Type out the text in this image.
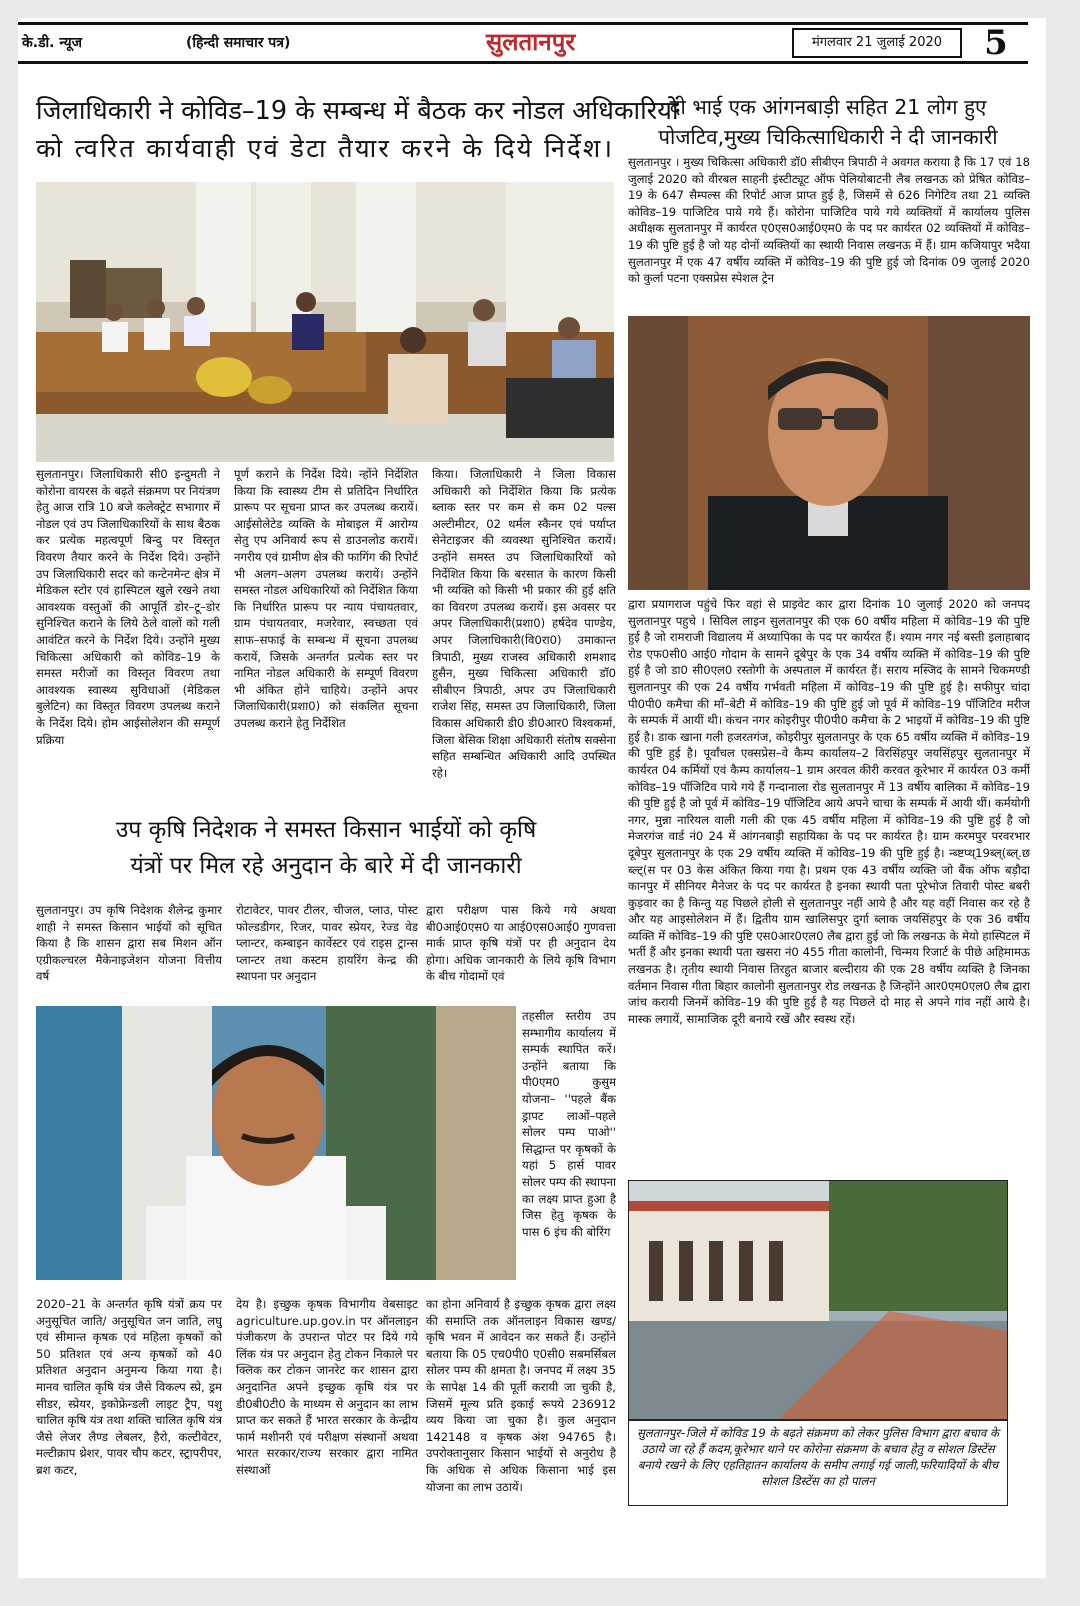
के.डी. न्यूज	(हिन्दी समाचार पत्र)	सुलतानपुर	मंगलवार 21 जुलाई 2020	5
जिलाधिकारी ने कोविड–19 के सम्बन्ध में बैठक कर नोडल अधिकारियों
को त्वरित कार्यवाही एवं डेटा तैयार करने के दिये निर्देश।
सुलतानपुर। जिलाधिकारी सी0 इन्दुमती ने कोरोना वायरस के बढ़ते संक्रमण पर नियंत्रण हेतु आज रात्रि 10 बजे कलेक्ट्रेट सभागार में नोडल एवं उप जिलाधिकारियों के साथ बैठक कर प्रत्येक महत्वपूर्ण बिन्दु पर विस्तृत विवरण तैयार करने के निर्देश दिये। उन्होंने उप जिलाधिकारी सदर को कन्टेनमेन्ट क्षेत्र में मेडिकल स्टोर एवं हास्पिटल खुले रखने तथा आवश्यक वस्तुओं की आपूर्ति डोर–टू–डोर सुनिश्चित कराने के लिये ठेले वालों को गली आवंटित करने के निर्देश दिये। उन्होंने मुख्य चिकित्सा अधिकारी को कोविड–19 के समस्त मरीजों का विस्तृत विवरण तथा आवश्यक स्वास्थ्य सुविधाओं (मेडिकल बुलेटिन) का विस्तृत विवरण उपलब्ध कराने के निर्देश दिये। होम आईसोलेशन की सम्पूर्ण प्रक्रिया
पूर्ण कराने के निर्देश दिये। न्होंने निर्देशित किया कि स्वास्थ्य टीम से प्रतिदिन निर्धारित प्रारूप पर सूचना प्राप्त कर उपलब्ध करायें। आईसोलेटेड व्यक्ति के मोबाइल में आरोग्य सेतु एप अनिवार्य रूप से डाउनलोड करायें। नगरीय एवं ग्रामीण क्षेत्र की फागिंग की रिपोर्ट भी अलग–अलग उपलब्ध करायें। उन्होंने समस्त नोडल अधिकारियों को निर्देशित किया कि निर्धारित प्रारूप पर न्याय पंचायतवार, ग्राम पंचायतवार, मजरेवार, स्वच्छता एवं साफ–सफाई के सम्बन्ध में सूचना उपलब्ध करायें, जिसके अन्तर्गत प्रत्येक स्तर पर नामित नोडल अधिकारी के सम्पूर्ण विवरण भी अंकित होने चाहिये। उन्होंने अपर जिलाधिकारी(प्रशा0) को संकलित सूचना उपलब्ध कराने हेतु निर्देशित
किया। जिलाधिकारी ने जिला विकास अधिकारी को निर्देशित किया कि प्रत्येक ब्लाक स्तर पर कम से कम 02 पल्स अल्टीमीटर, 02 थर्मल स्कैनर एवं पर्याप्त सेनेटाइजर की व्यवस्था सुनिश्चित करायें। उन्होंने समस्त उप जिलाधिकारियों को निर्देशित किया कि बरसात के कारण किसी भी व्यक्ति को किसी भी प्रकार की हुई क्षति का विवरण उपलब्ध करायें। इस अवसर पर अपर जिलाधिकारी(प्रशा0) हर्षदेव पाण्डेय, अपर जिलाधिकारी(वि0रा0) उमाकान्त त्रिपाठी, मुख्य राजस्व अधिकारी शमशाद हुसैन, मुख्य चिकित्सा अधिकारी डॉ0 सीबीएन त्रिपाठी, अपर उप जिलाधिकारी राजेश सिंह, समस्त उप जिलाधिकारी, जिला विकास अधिकारी डी0 डी0आर0 विश्वकर्मा, जिला बेसिक शिक्षा अधिकारी संतोष सक्सेना सहित सम्बन्धित अधिकारी आदि उपस्थित रहे।
दो भाई एक आंगनबाड़ी सहित 21 लोग हुए
पोजटिव,मुख्य चिकित्साधिकारी ने दी जानकारी
सुलतानपुर । मुख्य चिकित्सा अधिकारी डॉ0 सीबीएन त्रिपाठी ने अवगत कराया है कि 17 एवं 18 जुलाई 2020 को वीरबल साहनी इंस्टीट्यूट ऑफ पेलियोबाटनी लैब लखनऊ को प्रेषित कोविड–19 के 647 सैम्पल्स की रिपोर्ट आज प्राप्त हुई है, जिसमें से 626 निगेटिव तथा 21 व्यक्ति कोविड–19 पाजिटिव पाये गये हैं। कोरोना पाजिटिव पाये गये व्यक्तियों में कार्यालय पुलिस अधीक्षक सुलतानपुर में कार्यरत ए0एस0आई0एम0 के पद पर कार्यरत 02 व्यक्तियों में कोविड–19 की पुष्टि हुई है जो यह दोनों व्यक्तियों का स्थायी निवास लखनऊ में हैं। ग्राम कजियापुर भदैया सुलतानपुर में एक 47 वर्षीय व्यक्ति में कोविड–19 की पुष्टि हुई जो दिनांक 09 जुलाई 2020 को कुर्ला पटना एक्सप्रेस स्पेशल ट्रेन
द्वारा प्रयागराज पहुंचे फिर वहां से प्राइवेट कार द्वारा दिनांक 10 जुलाई 2020 को जनपद सुलतानपुर पहुचे । सिविल लाइन सुलतानपुर की एक 60 वर्षीय महिला में कोविड–19 की पुष्टि हुई है जो रामराजी विद्यालय में अध्यापिका के पद पर कार्यरत हैं। श्याम नगर नई बस्ती इलाहाबाद रोड एफ0सी0 आई0 गोदाम के सामने दूबेपुर के एक 34 वर्षीय व्यक्ति में कोविड–19 की पुष्टि हुई है जो डा0 सी0एल0 रस्तोगी के अस्पताल में कार्यरत हैं। सराय मस्जिद के सामने चिकमण्डी सुलतानपुर की एक 24 वर्षीय गर्भवती महिला में कोविड–19 की पुष्टि हुई है। सफीपुर चांदा पी0पी0 कमैचा की माँ–बेटी में कोविड–19 की पुष्टि हुई जो पूर्व में कोविड–19 पॉजिटिव मरीज के सम्पर्क में आयीं थी। कंचन नगर कोइरीपुर पी0पी0 कमैचा के 2 भाइयों में कोविड–19 की पुष्टि हुई है। डाक खाना गली हजरतगंज, कोइरीपुर सुलतानपुर के एक 65 वर्षीय व्यक्ति में कोविड–19 की पुष्टि हुई है। पूर्वांचल एक्सप्रेस–वे कैम्प कार्यालय–2 विरसिंहपुर जयसिंहपुर सुलतानपुर में कार्यरत 04 कर्मियों एवं कैम्प कार्यालय–1 ग्राम अरवल कीरी करवत कूरेभार में कार्यरत 03 कर्मी कोविड–19 पॉजिटिव पाये गये हैं गन्दानाला रोड सुलतानपुर में 13 वर्षीय बालिका में कोविड–19 की पुष्टि हुई है जो पूर्व में कोविड–19 पॉजिटिव आये अपने चाचा के सम्पर्क में आयी थीं। कर्मयोगी नगर, मुन्ना नारियल वाली गली की एक 45 वर्षीय महिला में कोविड–19 की पुष्टि हुई है जो मेजरगंज वार्ड नं0 24 में आंगनबाड़ी सहायिका के पद पर कार्यरत है। ग्राम करमपुर परवरभार दूबेपुर सुलतानपुर के एक 29 वर्षीय व्यक्ति में कोविड–19 की पुष्टि हुई है। न्ब्ष्टप्थ्19ब्ल्(ब्ल्.छ ब्ल्ट्(स पर 03 केस अंकित किया गया है। प्रथम एक 43 वर्षीय व्यक्ति जो बैंक ऑफ बड़ौदा कानपुर में सीनियर मैनेजर के पद पर कार्यरत है इनका स्थायी पता पूरेभोज तिवारी पोस्ट बबरी कुड़वार का है किन्तु यह पिछले होली से सुलतानपुर नहीं आये है और यह वहीं निवास कर रहे है और यह आइसोलेशन में हैं। द्वितीय ग्राम खालिसपुर दुर्गा ब्लाक जयसिंहपुर के एक 36 वर्षीय व्यक्ति में कोविड–19 की पुष्टि एस0आर0एल0 लैब द्वारा हुई जो कि लखनऊ के मेयो हास्पिटल में भर्ती हैं और इनका स्थायी पता खसरा नं0 455 गीता कालोनी, चिन्मय रिजार्ट के पीछे अहिमामऊ लखनऊ है। तृतीय स्थायी निवास तिरहुत बाजार बल्दीराय की एक 28 वर्षीय व्यक्ति है जिनका वर्तमान निवास गीता बिहार कालोनी सुलतानपुर रोड लखनऊ है जिन्होंने आर0एम0एल0 लैब द्वारा जांच करायी जिनमें कोविड–19 की पुष्टि हुई है यह पिछले दो माह से अपने गांव नहीं आये है। मास्क लगायें, सामाजिक दूरी बनाये रखें और स्वस्थ रहें।
उप कृषि निदेशक ने समस्त किसान भाईयों को कृषि
यंत्रों पर मिल रहे अनुदान के बारे में दी जानकारी
सुलतानपुर। उप कृषि निदेशक शैलेन्द्र कुमार शाही ने समस्त किसान भाईयों को सूचित किया है कि शासन द्वारा सब मिशन ऑन एग्रीकल्चरल मैकेनाइजेशन योजना वित्तीय वर्ष
रोटावेटर, पावर टीलर, चीजल, प्लाउ, पोस्ट फोल्डडीगर, रिजर, पावर स्प्रेयर, रेज्ड वेड प्लान्टर, कम्बाइन कार्वेस्टर एवं राइस ट्रान्स प्लान्टर तथा कस्टम हायरिंग केन्द्र की स्थापना पर अनुदान
द्वारा परीक्षण पास किये गये अथवा बी0आई0एस0 या आई0एस0आई0 गुणवत्ता मार्क प्राप्त कृषि यंत्रों पर ही अनुदान देय होगा। अधिक जानकारी के लिये कृषि विभाग के बीच गोदामों एवं
तहसील स्तरीय उप सम्भागीय कार्यालय में सम्पर्क स्थापित करें। उन्होंने बताया कि पी0एम0 कुसुम योजना– ''पहले बैंक ड्रापट लाओं–पहले सोलर पम्प पाओ'' सिद्धान्त पर कृषकों के यहां 5 हार्स पावर सोलर पम्प की स्थापना का लक्ष्य प्राप्त हुआ है जिस हेतु कृषक के पास 6 इंच की बोरिंग
2020–21 के अन्तर्गत कृषि यंत्रों क्रय पर अनुसूचित जाति/ अनुसूचित जन जाति, लघु एवं सीमान्त कृषक एवं महिला कृषकों को 50 प्रतिशत एवं अन्य कृषकों को 40 प्रतिशत अनुदान अनुमन्य किया गया है। मानव चालित कृषि यंत्र जैसे विकल्प स्प्रे, ड्रम सीडर, स्प्रेयर, इकोफ्रेन्डली लाइट ट्रैप, पशु चालित कृषि यंत्र तथा शक्ति चालित कृषि यंत्र जैसे लेजर लैण्ड लेबलर, हैरो, कल्टीवेटर, मल्टीक्राप थ्रेशर, पावर चौप कटर, स्ट्रापरीपर, ब्रश कटर,
देय है। इच्छुक कृषक विभागीय वेबसाइट agriculture.up.gov.in पर ऑनलाइन पंजीकरण के उपरान्त पोटर पर दिये गये लिंक यंत्र पर अनुदान हेतु टोकन निकाले पर क्लिक कर टोकन जानरेट कर शासन द्वारा अनुदानित अपने इच्छुक कृषि यंत्र पर डी0बी0टी0 के माध्यम से अनुदान का लाभ प्राप्त कर सकते हैं भारत सरकार के केन्द्रीय फार्म मशीनरी एवं परीक्षण संस्थानों अथवा भारत सरकार/राज्य सरकार द्वारा नामित संस्थाओं
का होना अनिवार्य है इच्छुक कृषक द्वारा लक्ष्य की समाप्ति तक ऑनलाइन विकास खण्ड/कृषि भवन में आवेदन कर सकते हैं। उन्होंने बताया कि 05 एच0पी0 ए0सी0 सबमर्सिबल सोलर पम्प की क्षमता है। जनपद में लक्ष्य 35 के सापेक्ष 14 की पूर्ती करायी जा चुकी है, जिसमें मूल्य प्रति इकाई रूपये 236912 व्यय किया जा चुका है। कुल अनुदान 142148 व कृषक अंश 94765 है। उपरोक्तानुसार किसान भाईयों से अनुरोध है कि अधिक से अधिक किसाना भाई इस योजना का लाभ उठायें।
सुलतानपुर–जिले में कोविड 19 के बढ़ते संक्रमण को लेकर पुलिस विभाग द्वारा बचाव के उठाये जा रहे हैं कदम,कूरेभार थाने पर कोरोना संक्रमण के बचाव हेतु व सोशल डिस्टेंस बनाये रखने के लिए एहतिहातन कार्यालय के समीप लगाई गई जाली,फरियादियों के बीच सोशल डिस्टेंस का हो पालन
